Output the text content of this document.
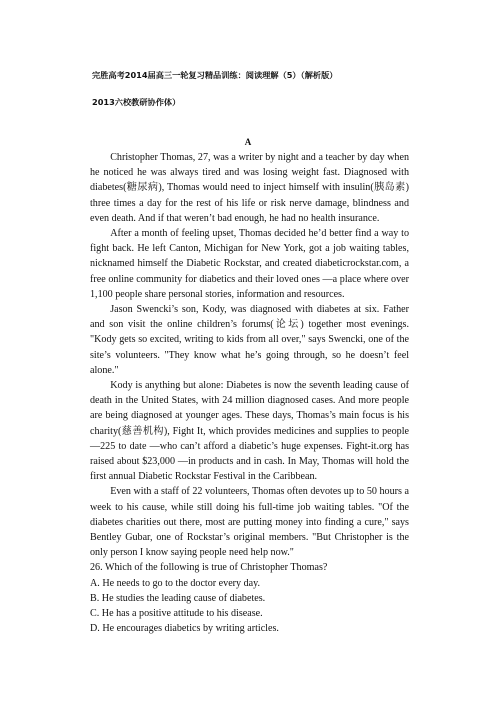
完胜高考2014届高三一轮复习精品训练：阅读理解（5）（解析版）
2013六校教研协作体）
A

Christopher Thomas, 27, was a writer by night and a teacher by day when he noticed he was always tired and was losing weight fast. Diagnosed with diabetes(糖尿病), Thomas would need to inject himself with insulin(胰岛素) three times a day for the rest of his life or risk nerve damage, blindness and even death. And if that weren’t bad enough, he had no health insurance.

After a month of feeling upset, Thomas decided he’d better find a way to fight back. He left Canton, Michigan for New York, got a job waiting tables, nicknamed himself the Diabetic Rockstar, and created diabeticrockstar.com, a free online community for diabetics and their loved ones —a place where over 1,100 people share personal stories, information and resources.

Jason Swencki’s son, Kody, was diagnosed with diabetes at six. Father and son visit the online children’s forums(论坛) together most evenings. "Kody gets so excited, writing to kids from all over," says Swencki, one of the site’s volunteers. "They know what he’s going through, so he doesn’t feel alone."

Kody is anything but alone: Diabetes is now the seventh leading cause of death in the United States, with 24 million diagnosed cases. And more people are being diagnosed at younger ages. These days, Thomas’s main focus is his charity(慈善机构), Fight It, which provides medicines and supplies to people —225 to date —who can’t afford a diabetic’s huge expenses. Fight-it.org has raised about $23,000 —in products and in cash. In May, Thomas will hold the first annual Diabetic Rockstar Festival in the Caribbean.

Even with a staff of 22 volunteers, Thomas often devotes up to 50 hours a week to his cause, while still doing his full-time job waiting tables. "Of the diabetes charities out there, most are putting money into finding a cure," says Bentley Gubar, one of Rockstar’s original members. "But Christopher is the only person I know saying people need help now."

26. Which of the following is true of Christopher Thomas?

A. He needs to go to the doctor every day.

B. He studies the leading cause of diabetes.

C. He has a positive attitude to his disease.

D. He encourages diabetics by writing articles.
